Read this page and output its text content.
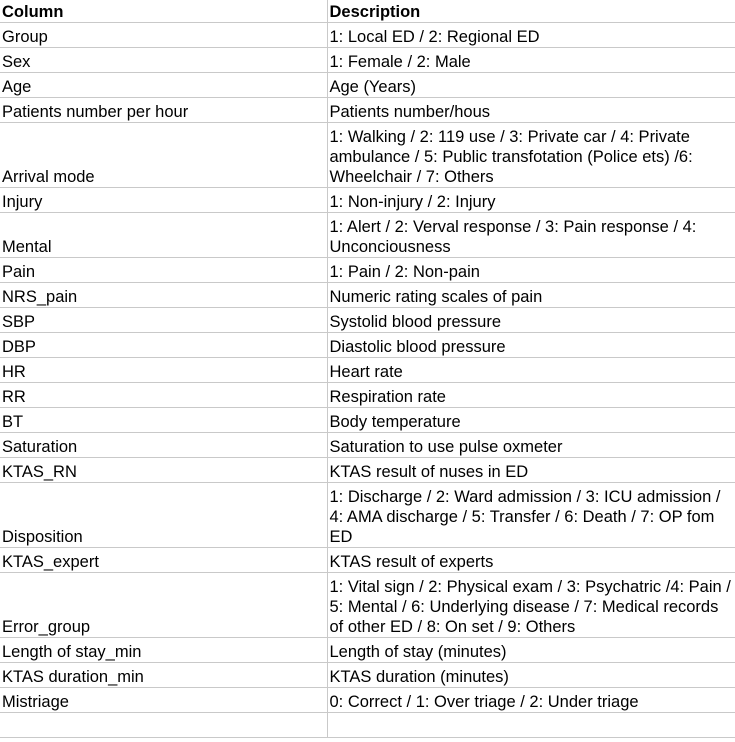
Column	Description
Group	1: Local ED / 2: Regional ED
Sex	1: Female / 2: Male
Age	Age (Years)
Patients number per hour	Patients number/hous
Arrival mode	1: Walking / 2: 119 use / 3: Private car / 4: Private ambulance / 5: Public transfotation (Police ets) /6: Wheelchair / 7: Others
Injury	1: Non-injury / 2: Injury
Mental	1: Alert / 2: Verval response / 3: Pain response / 4: Unconciousness
Pain	1: Pain / 2: Non-pain
NRS_pain	Numeric rating scales of pain
SBP	Systolid blood pressure
DBP	Diastolic blood pressure
HR	Heart rate
RR	Respiration rate
BT	Body temperature
Saturation	Saturation to use pulse oxmeter
KTAS_RN	KTAS result of nuses in ED
Disposition	1: Discharge / 2: Ward admission / 3: ICU admission / 4: AMA discharge / 5: Transfer / 6: Death / 7: OP fom ED
KTAS_expert	KTAS result of experts
Error_group	1: Vital sign / 2: Physical exam / 3: Psychatric /4: Pain / 5: Mental / 6: Underlying disease / 7: Medical records of other ED / 8: On set / 9: Others
Length of stay_min	Length of stay (minutes)
KTAS duration_min	KTAS duration (minutes)
Mistriage	0: Correct / 1: Over triage / 2: Under triage
